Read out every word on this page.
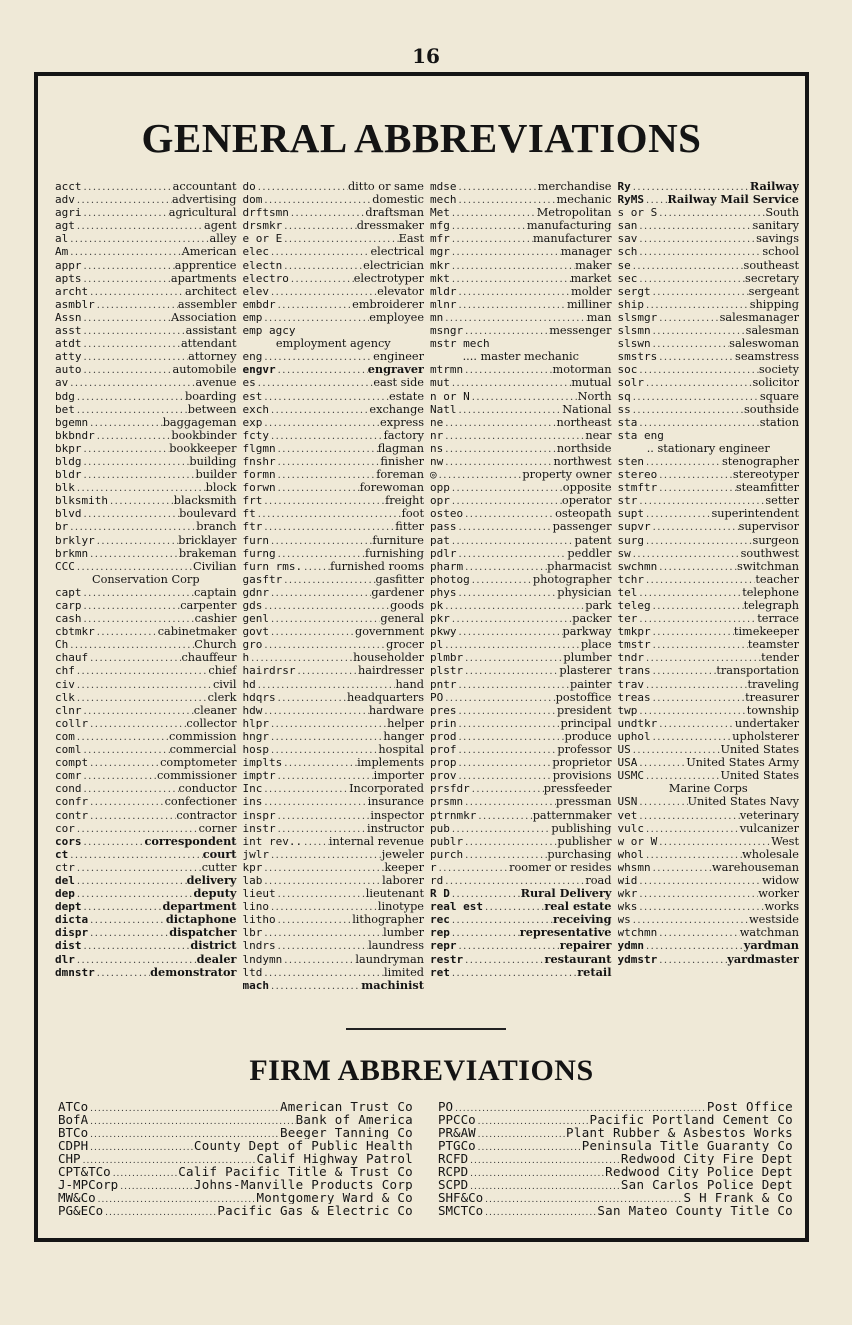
16
GENERAL ABBREVIATIONS
acct .....	accountant
adv .....	advertising
agri .....	agricultural
agt .....	agent
al .....	alley
Am .....	American
appr .....	apprentice
apts .....	apartments
archt .....	architect
asmblr .....	assembler
Assn .....	Association
asst .....	assistant
atdt .....	attendant
atty .....	attorney
auto .....	automobile
av .....	avenue
bdg .....	boarding
bet .....	between
bgemn .....	baggageman
bkbndr .....	bookbinder
bkpr .....	bookkeeper
bldg .....	building
bldr .....	builder
blk .....	block
blksmith .....	blacksmith
blvd .....	boulevard
br .....	branch
brklyr .....	bricklayer
brkmn .....	brakeman
CCC .....	Civilian
Conservation Corp
capt .....	captain
carp .....	carpenter
cash .....	cashier
cbtmkr .....	cabinetmaker
Ch .....	Church
chauf .....	chauffeur
chf .....	chief
civ .....	civil
clk .....	clerk
clnr .....	cleaner
collr .....	collector
com .....	commission
coml .....	commercial
compt .....	comptometer
comr .....	commissioner
cond .....	conductor
confr .....	confectioner
contr .....	contractor
cor .....	corner
cors .....	correspondent
ct .....	court
ctr .....	cutter
del .....	delivery
dep .....	deputy
dept .....	department
dicta .....	dictaphone
dispr .....	dispatcher
dist .....	district
dlr .....	dealer
dmnstr .....	demonstrator
do .....	ditto or same
dom .....	domestic
drftsmn .....	draftsman
drsmkr .....	dressmaker
e or E .....	East
elec .....	electrical
electn .....	electrician
electro .....	electrotyper
elev .....	elevator
embdr .....	embroiderer
emp .....	employee
emp agcy
employment agency
eng .....	engineer
engvr .....	engraver
es .....	east side
est .....	estate
exch .....	exchange
exp .....	express
fcty .....	factory
flgmn .....	flagman
fnshr .....	finisher
formn .....	foreman
forwn .....	forewoman
frt .....	freight
ft .....	foot
ftr .....	fitter
furn .....	furniture
furng .....	furnishing
furn rms. ..... furnished rooms
gasftr .....	gasfitter
gdnr .....	gardener
gds .....	goods
genl .....	general
govt .....	government
gro .....	grocer
h .....	householder
hairdrsr .....	hairdresser
hd .....	hand
hdqrs .....	headquarters
hdw .....	hardware
hlpr .....	helper
hngr .....	hanger
hosp .....	hospital
implts .....	implements
imptr .....	importer
Inc .....	Incorporated
ins .....	insurance
inspr .....	inspector
instr .....	instructor
int rev.. ..... internal revenue
jwlr .....	jeweler
kpr .....	keeper
lab .....	laborer
lieut .....	lieutenant
lino .....	linotype
litho .....	lithographer
lbr .....	lumber
lndrs .....	laundress
lndymn .....	laundryman
ltd .....	limited
mach .....	machinist
mdse .....	merchandise
mech .....	mechanic
Met .....	Metropolitan
mfg .....	manufacturing
mfr .....	manufacturer
mgr .....	manager
mkr .....	maker
mkt .....	market
mldr .....	molder
mlnr .....	milliner
mn .....	man
msngr .....	messenger
mstr mech
.... master mechanic
mtrmn .....	motorman
mut .....	mutual
n or N .....	North
Natl .....	National
ne .....	northeast
nr .....	near
ns .....	northside
nw .....	northwest
◎ .....	property owner
opp .....	opposite
opr .....	operator
osteo .....	osteopath
pass .....	passenger
pat .....	patent
pdlr .....	peddler
pharm .....	pharmacist
photog .....	photographer
phys .....	physician
pk .....	park
pkr .....	packer
pkwy .....	parkway
pl .....	place
plmbr .....	plumber
plstr .....	plasterer
pntr .....	painter
PO .....	postoffice
pres .....	president
prin .....	principal
prod .....	produce
prof .....	professor
prop .....	proprietor
prov .....	provisions
prsfdr .....	pressfeeder
prsmn .....	pressman
ptrnmkr .....	patternmaker
pub .....	publishing
publr .....	publisher
purch .....	purchasing
r .....	roomer or resides
rd .....	road
R D .....	Rural Delivery
real est .....	real estate
rec .....	receiving
rep .....	representative
repr .....	repairer
restr .....	restaurant
ret .....	retail
Ry .....	Railway
RyMS ..... Railway Mail Service
s or S .....	South
san .....	sanitary
sav .....	savings
sch .....	school
se .....	southeast
sec .....	secretary
sergt .....	sergeant
ship .....	shipping
slsmgr .....	salesmanager
slsmn .....	salesman
slswn .....	saleswoman
smstrs .....	seamstress
soc .....	society
solr .....	solicitor
sq .....	square
ss .....	southside
sta .....	station
sta eng
.. stationary engineer
sten .....	stenographer
stereo .....	stereotyper
stmftr .....	steamfitter
str .....	setter
supt .....	superintendent
supvr .....	supervisor
surg .....	surgeon
sw .....	southwest
swchmn .....	switchman
tchr .....	teacher
tel .....	telephone
teleg .....	telegraph
ter .....	terrace
tmkpr .....	timekeeper
tmstr .....	teamster
tndr .....	tender
trans .....	transportation
trav .....	traveling
treas .....	treasurer
twp .....	township
undtkr .....	undertaker
uphol .....	upholsterer
US .....	United States
USA .....	United States Army
USMC .....	United States
Marine Corps
USN .....	United States Navy
vet .....	veterinary
vulc .....	vulcanizer
w or W .....	West
whol .....	wholesale
whsmn .....	warehouseman
wid .....	widow
wkr .....	worker
wks .....	works
ws .....	westside
wtchmn .....	watchman
ydmn .....	yardman
ydmstr .....	yardmaster
FIRM ABBREVIATIONS
ATCo .....	American Trust Co
BofA .....	Bank of America
BTCo .....	Beeger Tanning Co
CDPH .....	County Dept of Public Health
CHP .....	Calif Highway Patrol
CPT&TCo .....	Calif Pacific Title & Trust Co
J-MPCorp .....	Johns-Manville Products Corp
MW&Co .....	Montgomery Ward & Co
PG&ECo .....	Pacific Gas & Electric Co
PO .....	Post Office
PPCCo .....	Pacific Portland Cement Co
PR&AW .....	Plant Rubber & Asbestos Works
PTGCo .....	Peninsula Title Guaranty Co
RCFD .....	Redwood City Fire Dept
RCPD .....	Redwood City Police Dept
SCPD .....	San Carlos Police Dept
SHF&Co .....	S H Frank & Co
SMCTCo .....	San Mateo County Title Co
